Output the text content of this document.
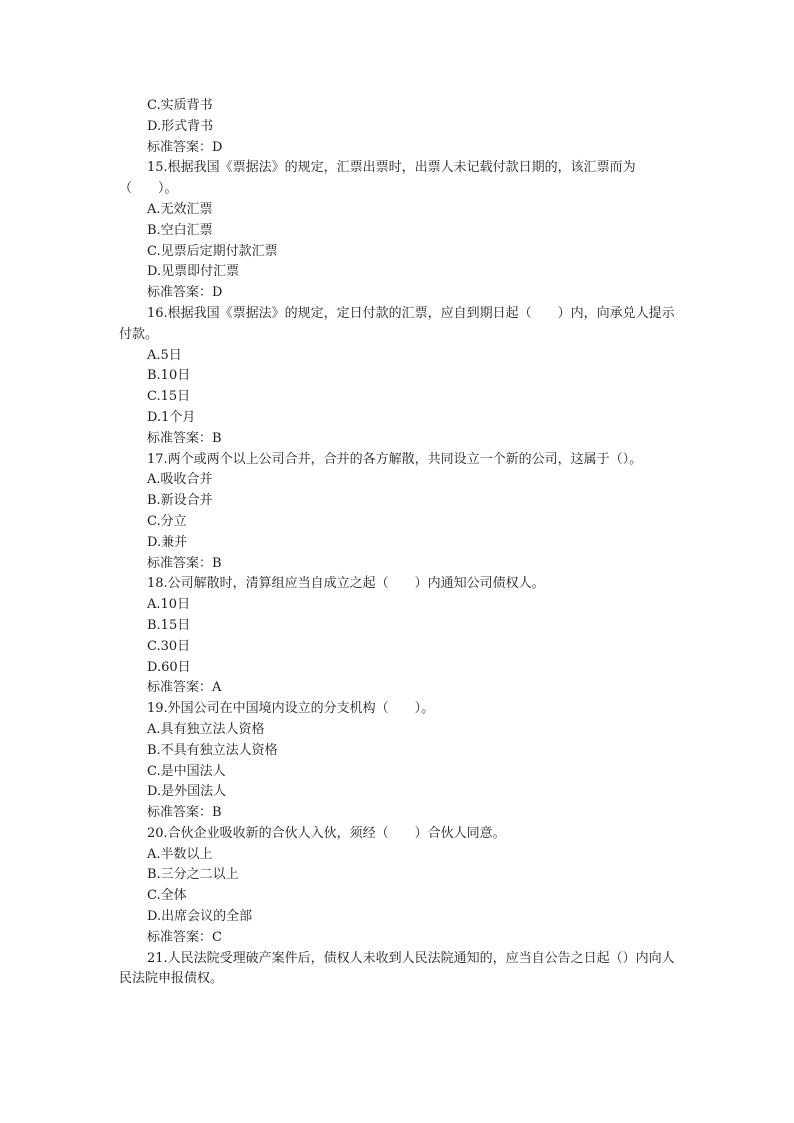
C.实质背书
D.形式背书
标准答案：D
15.根据我国《票据法》的规定，汇票出票时，出票人未记载付款日期的，该汇票而为（　　）。
A.无效汇票
B.空白汇票
C.见票后定期付款汇票
D.见票即付汇票
标准答案：D
16.根据我国《票据法》的规定，定日付款的汇票，应自到期日起（　　）内，向承兑人提示付款。
A.5日
B.10日
C.15日
D.1个月
标准答案：B
17.两个或两个以上公司合并，合并的各方解散，共同设立一个新的公司，这属于（）。
A.吸收合并
B.新设合并
C.分立
D.兼并
标准答案：B
18.公司解散时，清算组应当自成立之起（　　）内通知公司债权人。
A.10日
B.15日
C.30日
D.60日
标准答案：A
19.外国公司在中国境内设立的分支机构（　　）。
A.具有独立法人资格
B.不具有独立法人资格
C.是中国法人
D.是外国法人
标准答案：B
20.合伙企业吸收新的合伙人入伙，须经（　　）合伙人同意。
A.半数以上
B.三分之二以上
C.全体
D.出席会议的全部
标准答案：C
21.人民法院受理破产案件后，债权人未收到人民法院通知的，应当自公告之日起（）内向人民法院申报债权。
